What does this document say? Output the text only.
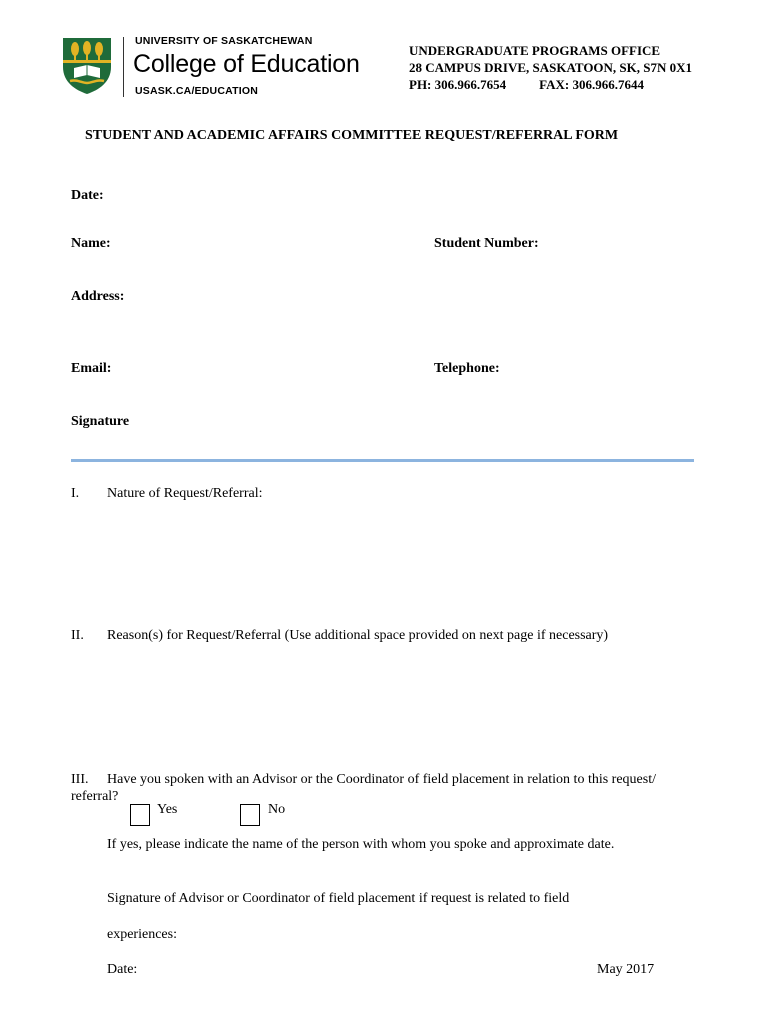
UNIVERSITY OF SASKATCHEWAN
College of Education
USASK.CA/EDUCATION
UNDERGRADUATE PROGRAMS OFFICE
28 CAMPUS DRIVE, SASKATOON, SK, S7N 0X1
PH: 306.966.7654	FAX: 306.966.7644
STUDENT AND ACADEMIC AFFAIRS COMMITTEE REQUEST/REFERRAL FORM
Date:
Name:	Student Number:
Address:
Email:	Telephone:
Signature
I. Nature of Request/Referral:
II. Reason(s) for Request/Referral (Use additional space provided on next page if necessary)
III. Have you spoken with an Advisor or the Coordinator of field placement in relation to this request/
referral?
Yes	No
If yes, please indicate the name of the person with whom you spoke and approximate date.
Signature of Advisor or Coordinator of field placement if request is related to field
experiences:
Date:	May 2017
